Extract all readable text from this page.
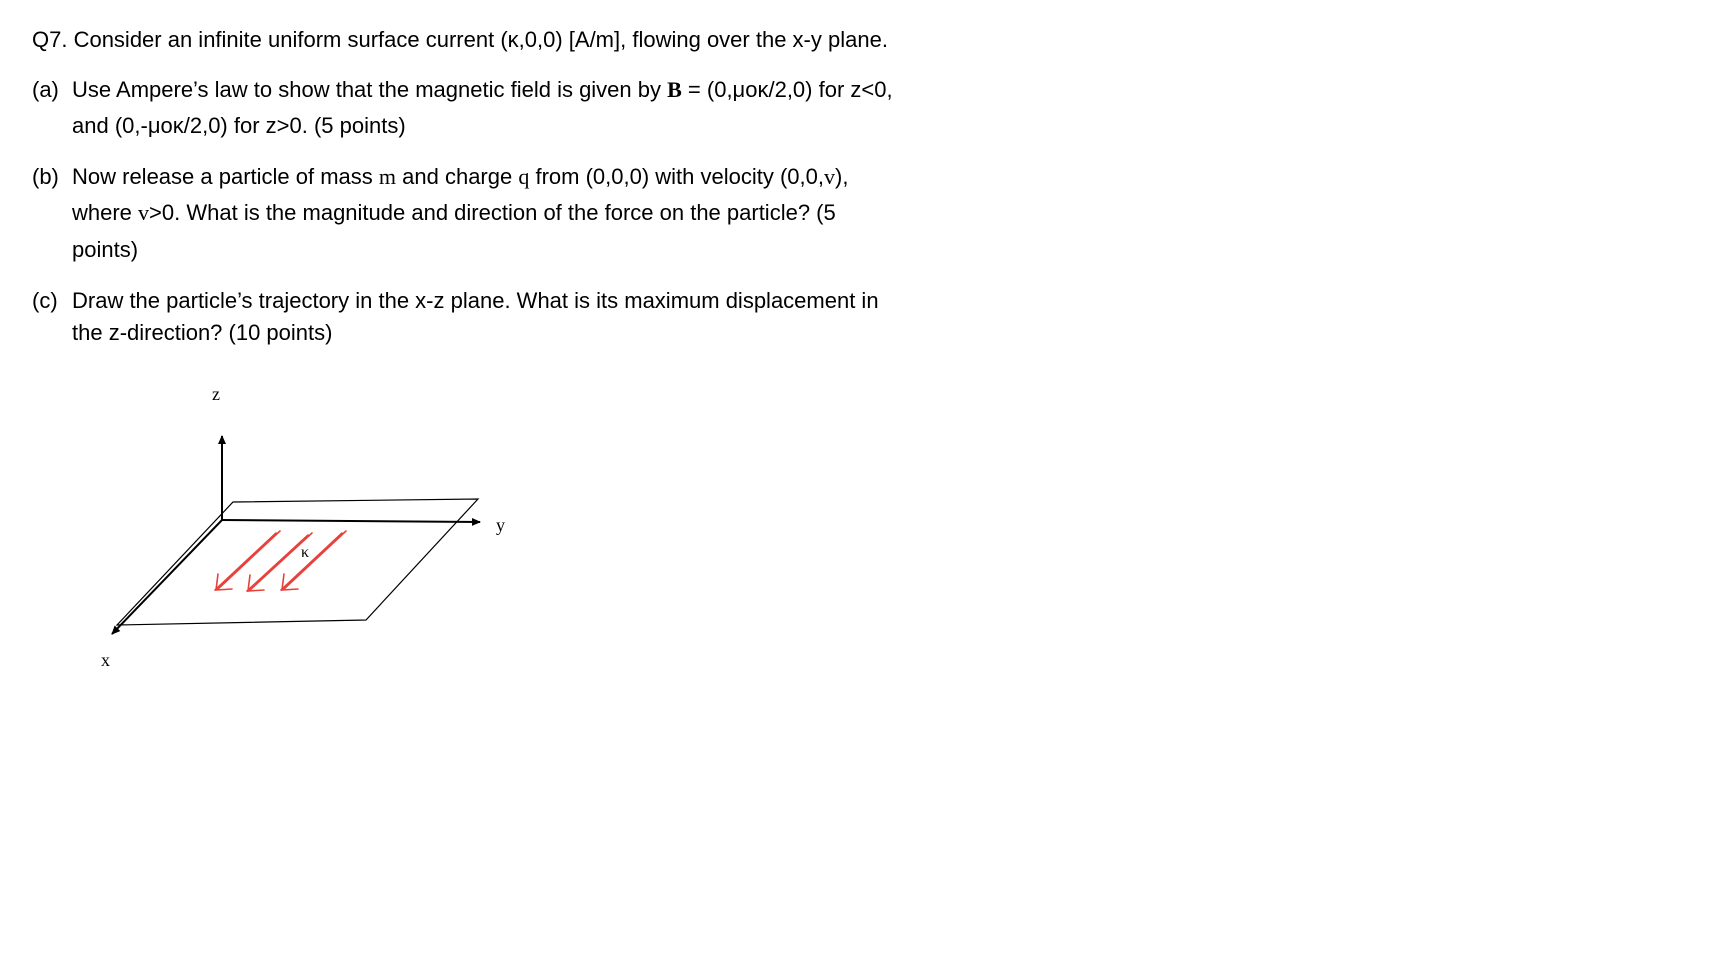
Q7. Consider an infinite uniform surface current (κ,0,0) [A/m], flowing over the x-y plane.
(a) Use Ampere’s law to show that the magnetic field is given by B = (0,μoκ/2,0) for z<0,
and (0,-μoκ/2,0) for z>0. (5 points)
(b) Now release a particle of mass m and charge q from (0,0,0) with velocity (0,0,v),
where v>0. What is the magnitude and direction of the force on the particle? (5
points)
(c) Draw the particle’s trajectory in the x-z plane. What is its maximum displacement in
the z-direction? (10 points)
z
y
x
κ
